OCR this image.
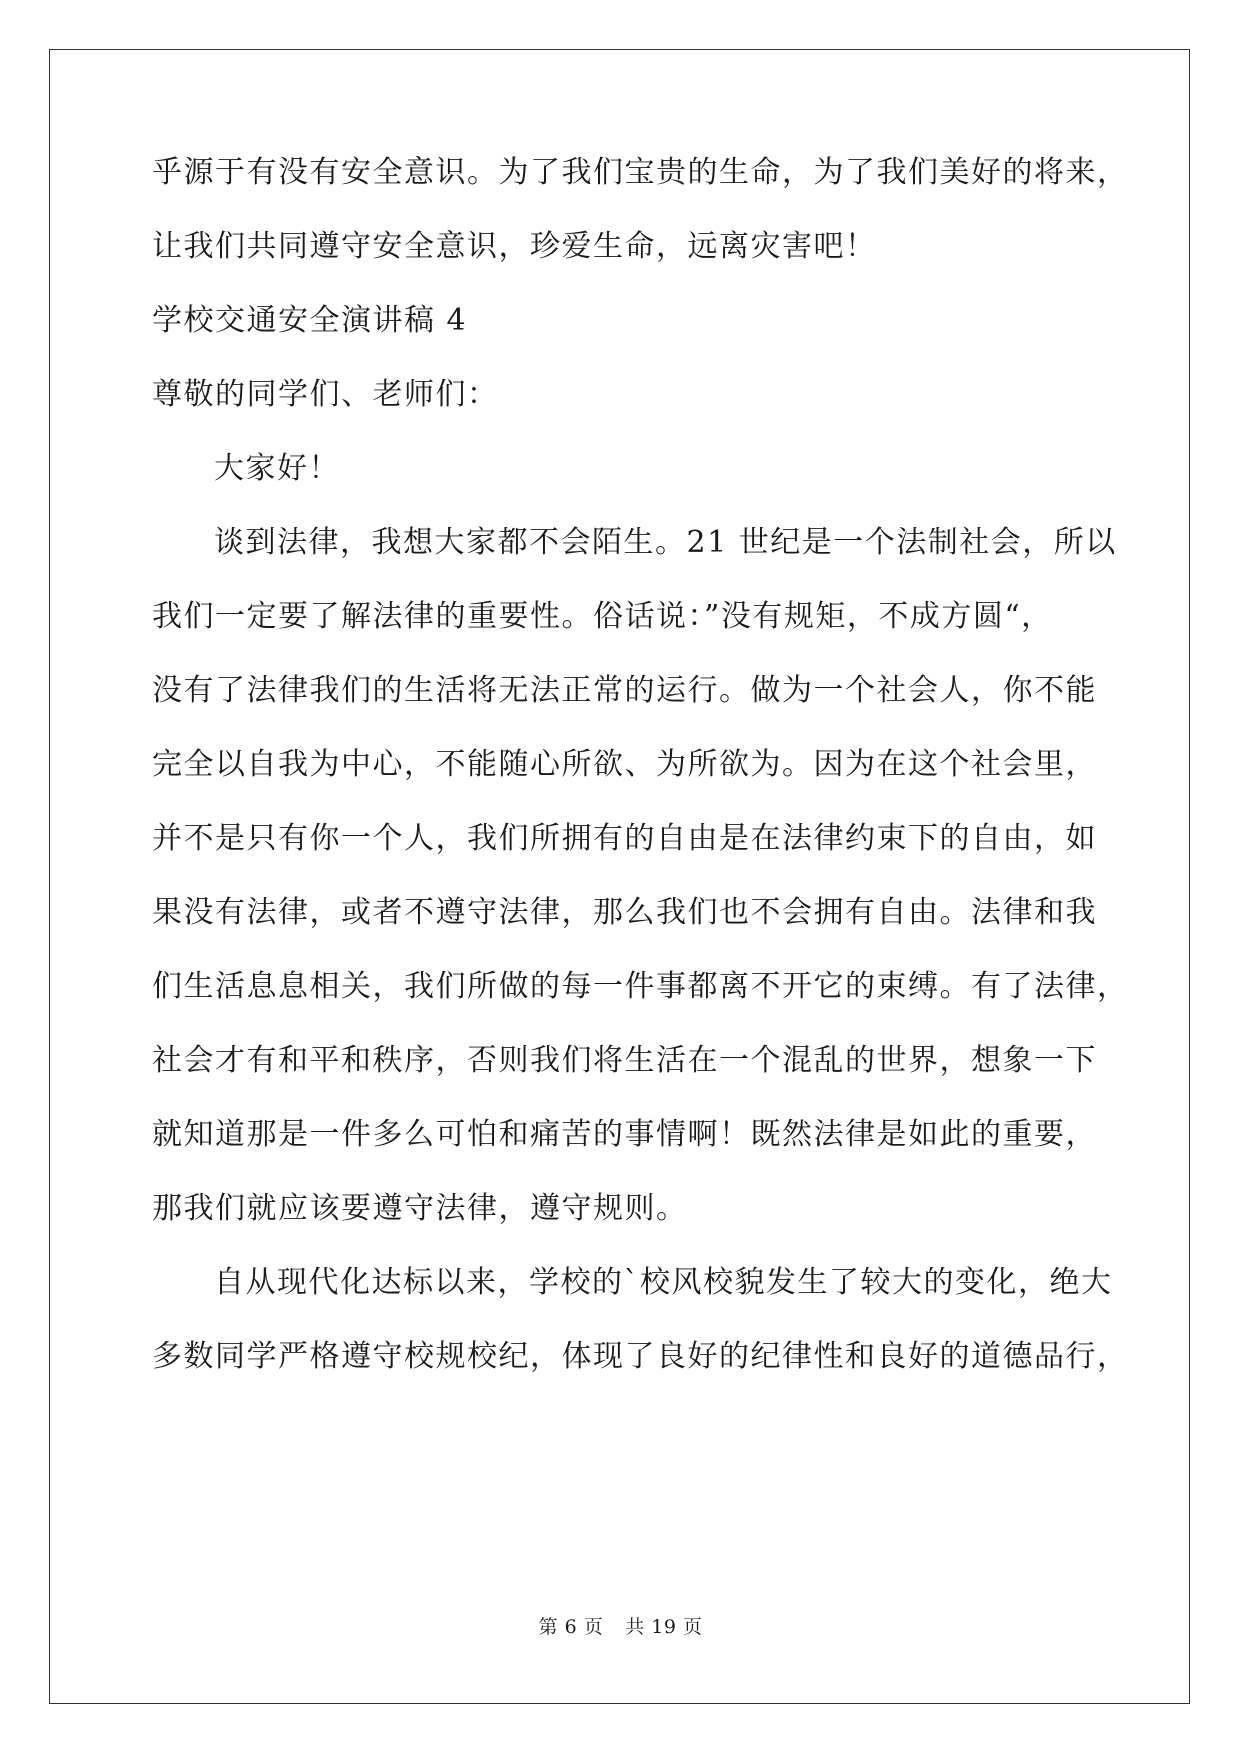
乎源于有没有安全意识。为了我们宝贵的生命，为了我们美好的将来，
让我们共同遵守安全意识，珍爱生命，远离灾害吧！
学校交通安全演讲稿 4
尊敬的同学们、老师们：
大家好！
谈到法律，我想大家都不会陌生。21 世纪是一个法制社会，所以
我们一定要了解法律的重要性。俗话说：”没有规矩，不成方圆“，
没有了法律我们的生活将无法正常的运行。做为一个社会人，你不能
完全以自我为中心，不能随心所欲、为所欲为。因为在这个社会里，
并不是只有你一个人，我们所拥有的自由是在法律约束下的自由，如
果没有法律，或者不遵守法律，那么我们也不会拥有自由。法律和我
们生活息息相关，我们所做的每一件事都离不开它的束缚。有了法律，
社会才有和平和秩序，否则我们将生活在一个混乱的世界，想象一下
就知道那是一件多么可怕和痛苦的事情啊！既然法律是如此的重要，
那我们就应该要遵守法律，遵守规则。
自从现代化达标以来，学校的`校风校貌发生了较大的变化，绝大
多数同学严格遵守校规校纪，体现了良好的纪律性和良好的道德品行，
第 6 页 共 19 页
